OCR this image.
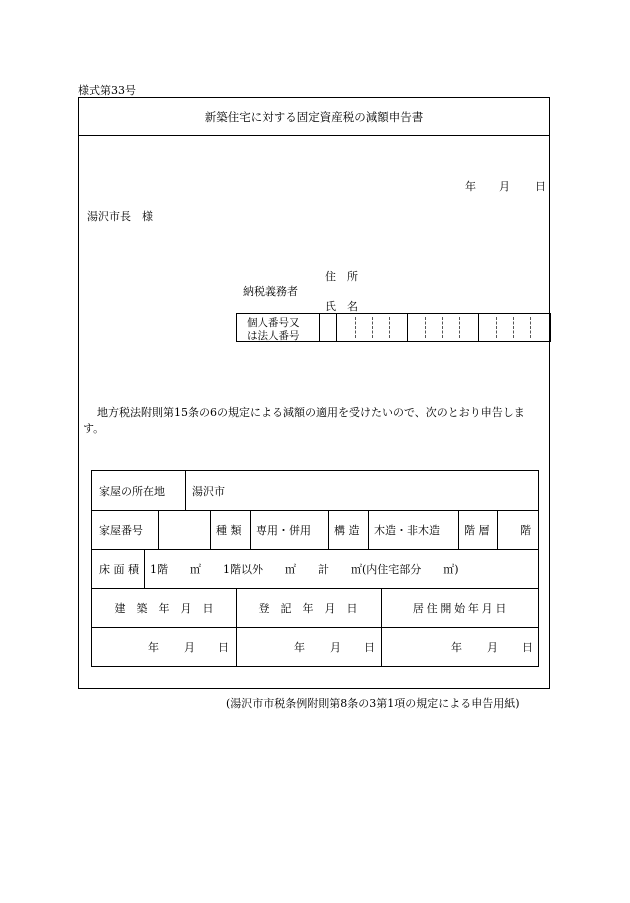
様式第33号
新築住宅に対する固定資産税の減額申告書
年 月 日
湯沢市長　様
住　所
納税義務者
氏　名
個人番号又
は法人番号
地方税法附則第15条の6の規定による減額の適用を受けたいので、次のとおり申告しま
す。
家屋の所在地 湯沢市
家屋番号	種 類 専用・併用 構 造 木造・非木造 階 層	階
床 面 積 1階　　㎡　　1階以外　　㎡　　計　　㎡(内住宅部分　　㎡)
建　築　年　月　日	登　記　年　月　日	居住開始年月日
年 月 日	年 月 日	年 月 日
(湯沢市市税条例附則第8条の3第1項の規定による申告用紙)
